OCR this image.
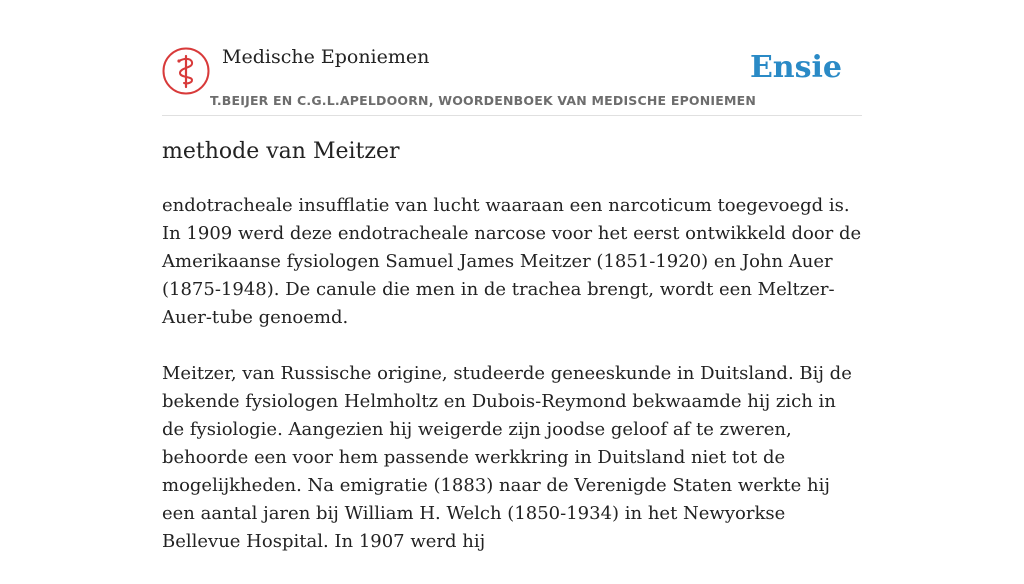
Medische Eponiemen
T.BEIJER EN C.G.L.APELDOORN, WOORDENBOEK VAN MEDISCHE EPONIEMEN
Ensie
methode van Meitzer

endotracheale insufflatie van lucht waaraan een narcoticum toegevoegd is. In 1909 werd deze endotracheale narcose voor het eerst ontwikkeld door de Amerikaanse fysiologen Samuel James Meitzer (1851-1920) en John Auer (1875-1948). De canule die men in de trachea brengt, wordt een Meltzer-Auer-tube genoemd.

Meitzer, van Russische origine, studeerde geneeskunde in Duitsland. Bij de bekende fysiologen Helmholtz en Dubois-Reymond bekwaamde hij zich in de fysiologie. Aangezien hij weigerde zijn joodse geloof af te zweren, behoorde een voor hem passende werkkring in Duitsland niet tot de mogelijkheden. Na emigratie (1883) naar de Verenigde Staten werkte hij een aantal jaren bij William H. Welch (1850-1934) in het Newyorkse Bellevue Hospital. In 1907 werd hij
